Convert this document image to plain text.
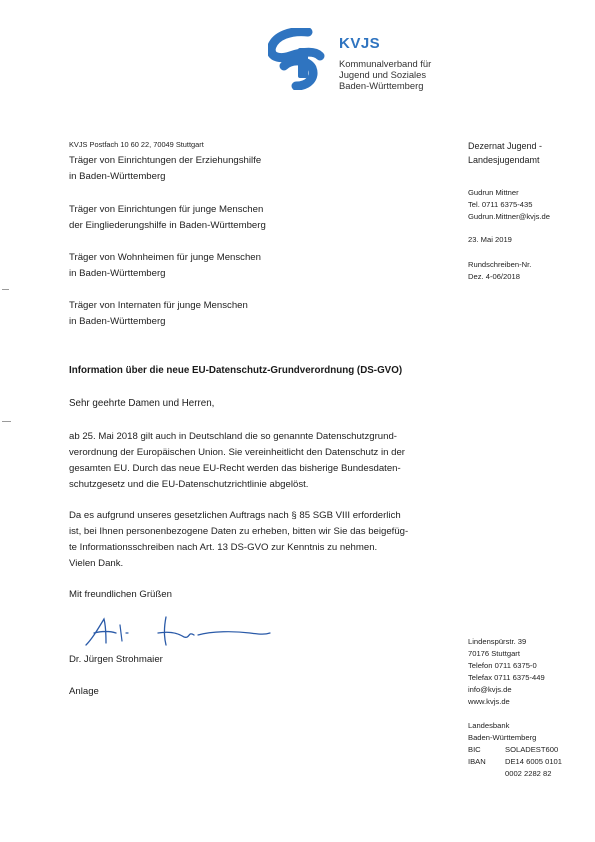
KVJS
Kommunalverband für
Jugend und Soziales
Baden-Württemberg
KVJS Postfach 10 60 22, 70049 Stuttgart
Träger von Einrichtungen der Erziehungshilfe
in Baden-Württemberg
Träger von Einrichtungen für junge Menschen
der Eingliederungshilfe in Baden-Württemberg
Träger von Wohnheimen für junge Menschen
in Baden-Württemberg
Träger von Internaten für junge Menschen
in Baden-Württemberg
Dezernat Jugend -
Landesjugendamt
Gudrun Mittner
Tel. 0711 6375-435
Gudrun.Mittner@kvjs.de
23. Mai 2019
Rundschreiben-Nr.
Dez. 4-06/2018
Information über die neue EU-Datenschutz-Grundverordnung (DS-GVO)
Sehr geehrte Damen und Herren,
ab 25. Mai 2018 gilt auch in Deutschland die so genannte Datenschutzgrund-
verordnung der Europäischen Union. Sie vereinheitlicht den Datenschutz in der
gesamten EU. Durch das neue EU-Recht werden das bisherige Bundesdaten-
schutzgesetz und die EU-Datenschutzrichtlinie abgelöst.
Da es aufgrund unseres gesetzlichen Auftrags nach § 85 SGB VIII erforderlich
ist, bei Ihnen personenbezogene Daten zu erheben, bitten wir Sie das beigefüg-
te Informationsschreiben nach Art. 13 DS-GVO zur Kenntnis zu nehmen.
Vielen Dank.
Mit freundlichen Grüßen
Dr. Jürgen Strohmaier
Anlage
Lindenspürstr. 39
70176 Stuttgart
Telefon 0711 6375-0
Telefax 0711 6375-449
info@kvjs.de
www.kvjs.de
Landesbank
Baden-Württemberg
BIC	SOLADEST600
IBAN	DE14 6005 0101
0002 2282 82
